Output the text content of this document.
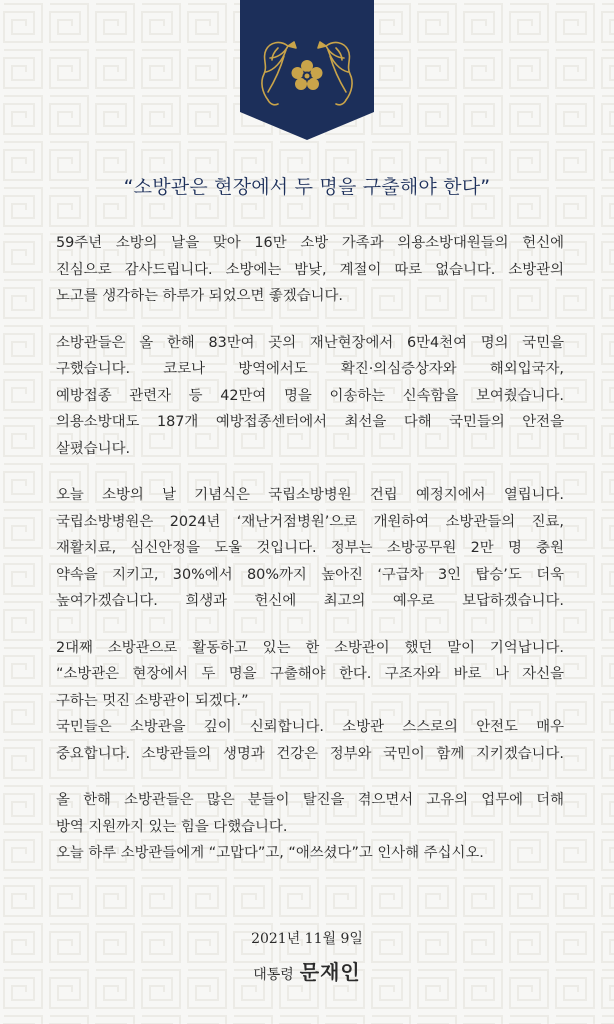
“소방관은 현장에서 두 명을 구출해야 한다”
59주년 소방의 날을 맞아 16만 소방 가족과 의용소방대원들의 헌신에
진심으로 감사드립니다. 소방에는 밤낮, 계절이 따로 없습니다. 소방관의
노고를 생각하는 하루가 되었으면 좋겠습니다.
소방관들은 올 한해 83만여 곳의 재난현장에서 6만4천여 명의 국민을
구했습니다. 코로나 방역에서도 확진·의심증상자와 해외입국자,
예방접종 관련자 등 42만여 명을 이송하는 신속함을 보여줬습니다.
의용소방대도 187개 예방접종센터에서 최선을 다해 국민들의 안전을
살폈습니다.
오늘 소방의 날 기념식은 국립소방병원 건립 예정지에서 열립니다.
국립소방병원은 2024년 ‘재난거점병원’으로 개원하여 소방관들의 진료,
재활치료, 심신안정을 도울 것입니다. 정부는 소방공무원 2만 명 충원
약속을 지키고, 30%에서 80%까지 높아진 ‘구급차 3인 탑승’도 더욱
높여가겠습니다. 희생과 헌신에 최고의 예우로 보답하겠습니다.
2대째 소방관으로 활동하고 있는 한 소방관이 했던 말이 기억납니다.
“소방관은 현장에서 두 명을 구출해야 한다. 구조자와 바로 나 자신을
구하는 멋진 소방관이 되겠다.”
국민들은 소방관을 깊이 신뢰합니다. 소방관 스스로의 안전도 매우
중요합니다. 소방관들의 생명과 건강은 정부와 국민이 함께 지키겠습니다.
올 한해 소방관들은 많은 분들이 탈진을 겪으면서 고유의 업무에 더해
방역 지원까지 있는 힘을 다했습니다.
오늘 하루 소방관들에게 “고맙다”고, “애쓰셨다”고 인사해 주십시오.
2021년 11월 9일
대통령 문재인
